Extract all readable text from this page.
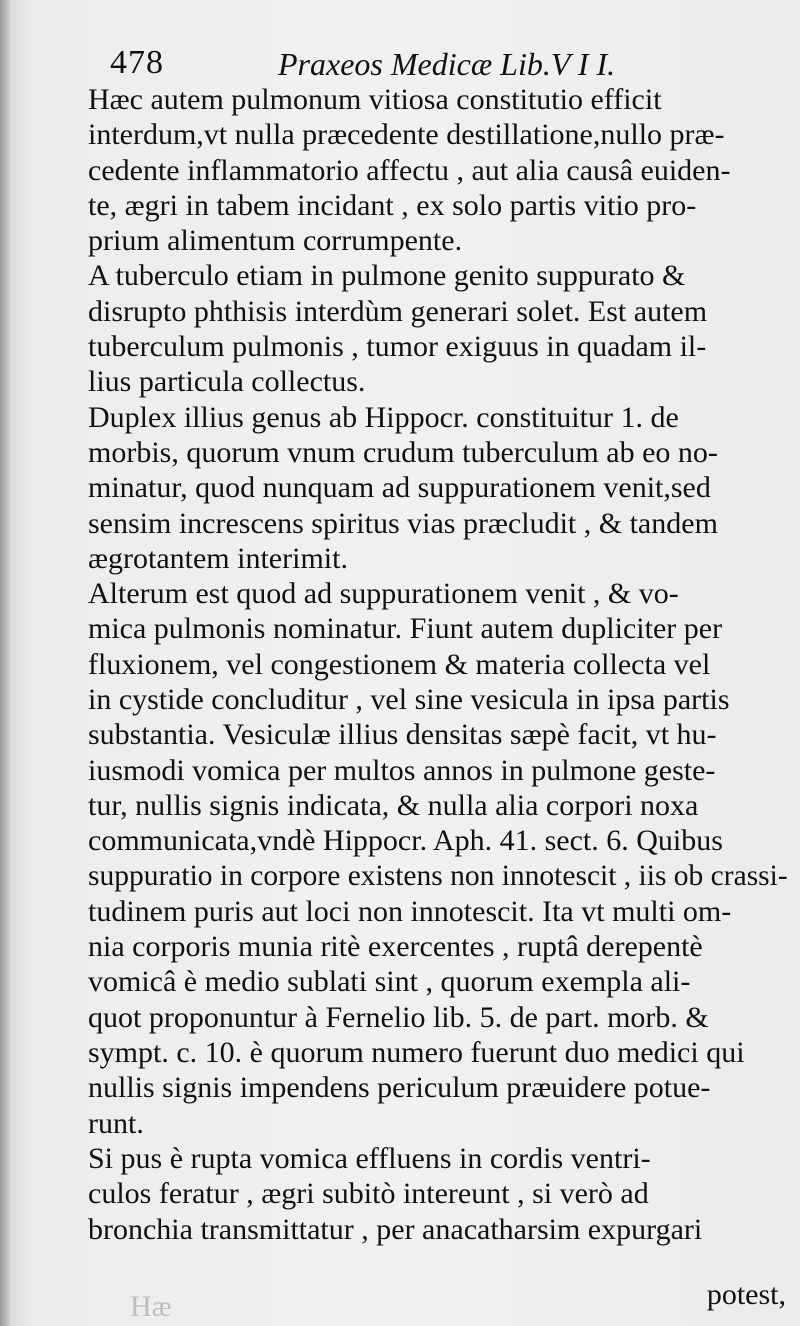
478	Praxeos Medicæ Lib.V I I.
Hæc autem pulmonum vitiosa constitutio efficit
interdum,vt nulla præcedente destillatione,nullo præ-
cedente inflammatorio affectu , aut alia causâ euiden-
te, ægri in tabem incidant , ex solo partis vitio pro-
prium alimentum corrumpente.
A tuberculo etiam in pulmone genito suppurato &
disrupto phthisis interdùm generari solet. Est autem
tuberculum pulmonis , tumor exiguus in quadam il-
lius particula collectus.
Duplex illius genus ab Hippocr. constituitur 1. de
morbis, quorum vnum crudum tuberculum ab eo no-
minatur, quod nunquam ad suppurationem venit,sed
sensim increscens spiritus vias præcludit , & tandem
ægrotantem interimit.
Alterum est quod ad suppurationem venit , & vo-
mica pulmonis nominatur. Fiunt autem dupliciter per
fluxionem, vel congestionem & materia collecta vel
in cystide concluditur , vel sine vesicula in ipsa partis
substantia. Vesiculæ illius densitas sæpè facit, vt hu-
iusmodi vomica per multos annos in pulmone geste-
tur, nullis signis indicata, & nulla alia corpori noxa
communicata,vndè Hippocr. Aph. 41. sect. 6. Quibus
suppuratio in corpore existens non innotescit , iis ob crassi-
tudinem puris aut loci non innotescit. Ita vt multi om-
nia corporis munia ritè exercentes , ruptâ derepentè
vomicâ è medio sublati sint , quorum exempla ali-
quot proponuntur à Fernelio lib. 5. de part. morb. &
sympt. c. 10. è quorum numero fuerunt duo medici qui
nullis signis impendens periculum præuidere potue-
runt.
Si pus è rupta vomica effluens in cordis ventri-
culos feratur , ægri subitò intereunt , si verò ad
bronchia transmittatur , per anacatharsim expurgari
Hæ	potest,
